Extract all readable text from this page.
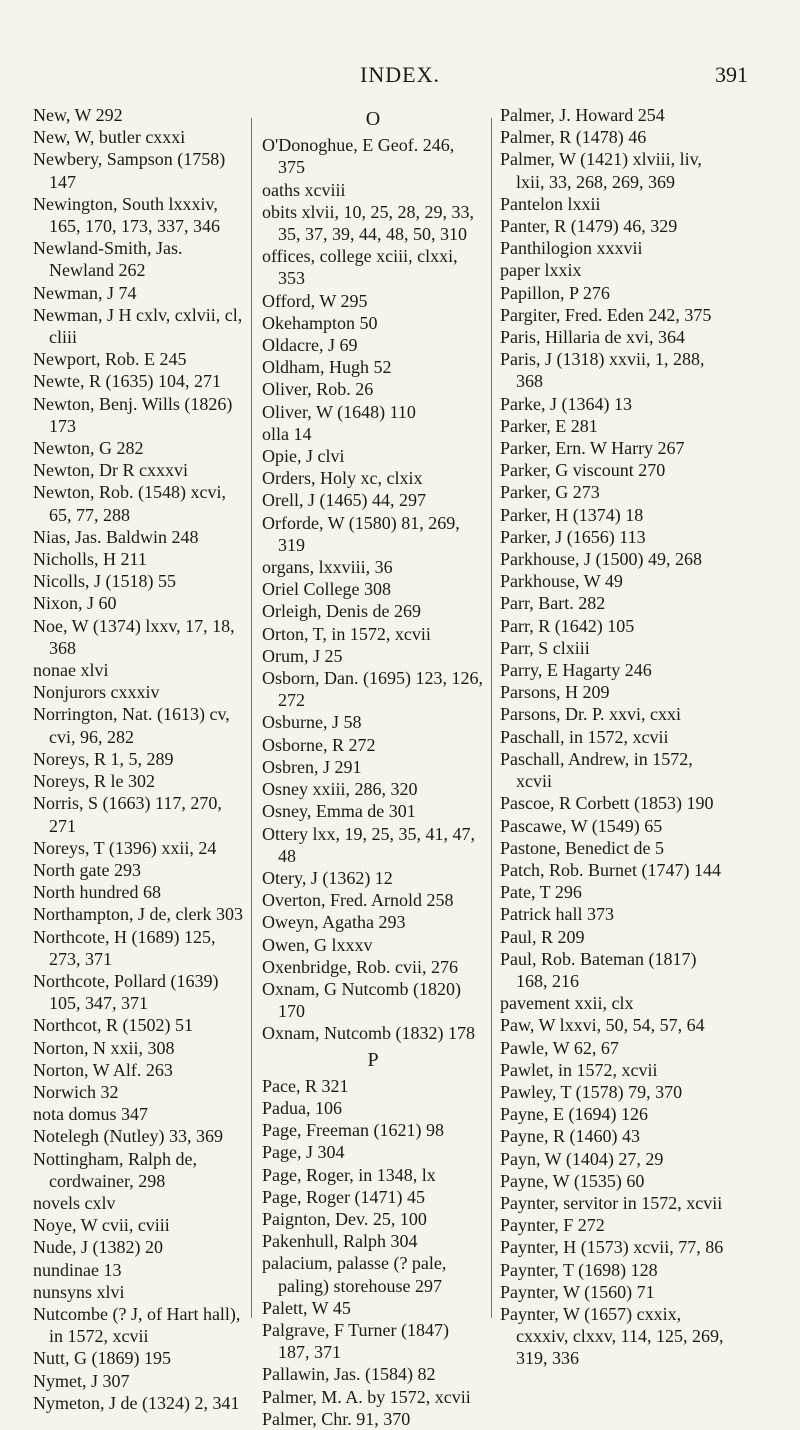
INDEX.	391
New, W 292
New, W, butler cxxxi
Newbery, Sampson (1758) 147
Newington, South lxxxiv, 165, 170, 173, 337, 346
Newland-Smith, Jas. Newland 262
Newman, J 74
Newman, J H cxlv, cxlvii, cl, cliii
Newport, Rob. E 245
Newte, R (1635) 104, 271
Newton, Benj. Wills (1826) 173
Newton, G 282
Newton, Dr R cxxxvi
Newton, Rob. (1548) xcvi, 65, 77, 288
Nias, Jas. Baldwin 248
Nicholls, H 211
Nicolls, J (1518) 55
Nixon, J 60
Noe, W (1374) lxxv, 17, 18, 368
nonae xlvi
Nonjurors cxxxiv
Norrington, Nat. (1613) cv, cvi, 96, 282
Noreys, R 1, 5, 289
Noreys, R le 302
Norris, S (1663) 117, 270, 271
Noreys, T (1396) xxii, 24
North gate 293
North hundred 68
Northampton, J de, clerk 303
Northcote, H (1689) 125, 273, 371
Northcote, Pollard (1639) 105, 347, 371
Northcot, R (1502) 51
Norton, N xxii, 308
Norton, W Alf. 263
Norwich 32
nota domus 347
Notelegh (Nutley) 33, 369
Nottingham, Ralph de, cordwainer, 298
novels cxlv
Noye, W cvii, cviii
Nude, J (1382) 20
nundinae 13
nunsyns xlvi
Nutcombe (? J, of Hart hall), in 1572, xcvii
Nutt, G (1869) 195
Nymet, J 307
Nymeton, J de (1324) 2, 341
O
O'Donoghue, E Geof. 246, 375
oaths xcviii
obits xlvii, 10, 25, 28, 29, 33, 35, 37, 39, 44, 48, 50, 310
offices, college xciii, clxxi, 353
Offord, W 295
Okehampton 50
Oldacre, J 69
Oldham, Hugh 52
Oliver, Rob. 26
Oliver, W (1648) 110
olla 14
Opie, J clvi
Orders, Holy xc, clxix
Orell, J (1465) 44, 297
Orforde, W (1580) 81, 269, 319
organs, lxxviii, 36
Oriel College 308
Orleigh, Denis de 269
Orton, T, in 1572, xcvii
Orum, J 25
Osborn, Dan. (1695) 123, 126, 272
Osburne, J 58
Osborne, R 272
Osbren, J 291
Osney xxiii, 286, 320
Osney, Emma de 301
Ottery lxx, 19, 25, 35, 41, 47, 48
Otery, J (1362) 12
Overton, Fred. Arnold 258
Oweyn, Agatha 293
Owen, G lxxxv
Oxenbridge, Rob. cvii, 276
Oxnam, G Nutcomb (1820) 170
Oxnam, Nutcomb (1832) 178
P
Pace, R 321
Padua, 106
Page, Freeman (1621) 98
Page, J 304
Page, Roger, in 1348, lx
Page, Roger (1471) 45
Paignton, Dev. 25, 100
Pakenhull, Ralph 304
palacium, palasse (? pale, paling) storehouse 297
Palett, W 45
Palgrave, F Turner (1847) 187, 371
Pallawin, Jas. (1584) 82
Palmer, M. A. by 1572, xcvii
Palmer, Chr. 91, 370
Palmer, J. Howard 254
Palmer, R (1478) 46
Palmer, W (1421) xlviii, liv, lxii, 33, 268, 269, 369
Pantelon lxxii
Panter, R (1479) 46, 329
Panthilogion xxxvii
paper lxxix
Papillon, P 276
Pargiter, Fred. Eden 242, 375
Paris, Hillaria de xvi, 364
Paris, J (1318) xxvii, 1, 288, 368
Parke, J (1364) 13
Parker, E 281
Parker, Ern. W Harry 267
Parker, G viscount 270
Parker, G 273
Parker, H (1374) 18
Parker, J (1656) 113
Parkhouse, J (1500) 49, 268
Parkhouse, W 49
Parr, Bart. 282
Parr, R (1642) 105
Parr, S clxiii
Parry, E Hagarty 246
Parsons, H 209
Parsons, Dr. P. xxvi, cxxi
Paschall, in 1572, xcvii
Paschall, Andrew, in 1572, xcvii
Pascoe, R Corbett (1853) 190
Pascawe, W (1549) 65
Pastone, Benedict de 5
Patch, Rob. Burnet (1747) 144
Pate, T 296
Patrick hall 373
Paul, R 209
Paul, Rob. Bateman (1817) 168, 216
pavement xxii, clx
Paw, W lxxvi, 50, 54, 57, 64
Pawle, W 62, 67
Pawlet, in 1572, xcvii
Pawley, T (1578) 79, 370
Payne, E (1694) 126
Payne, R (1460) 43
Payn, W (1404) 27, 29
Payne, W (1535) 60
Paynter, servitor in 1572, xcvii
Paynter, F 272
Paynter, H (1573) xcvii, 77, 86
Paynter, T (1698) 128
Paynter, W (1560) 71
Paynter, W (1657) cxxix, cxxxiv, clxxv, 114, 125, 269, 319, 336
